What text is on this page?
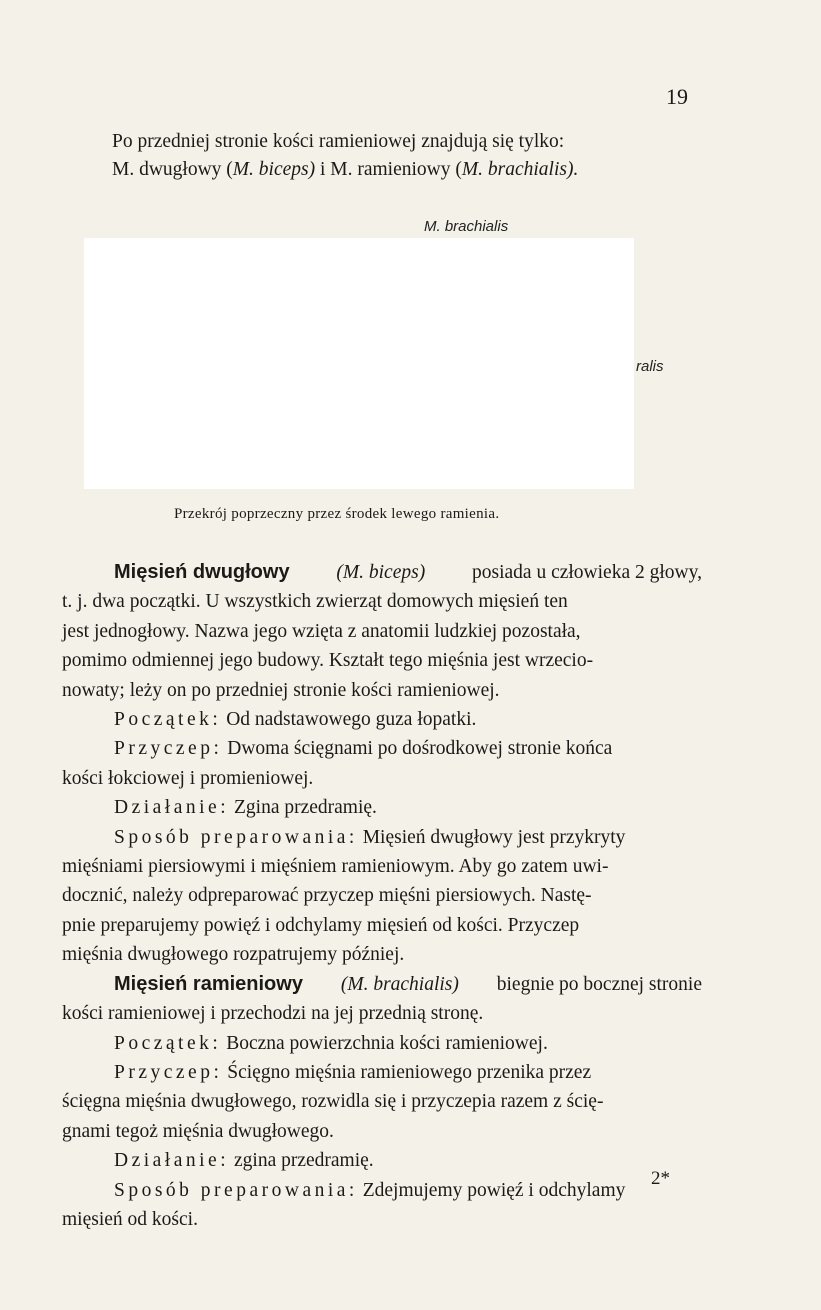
19
Po przedniej stronie kości ramieniowej znajdują się tylko:
M. dwugłowy (M. biceps) i M. ramieniowy (M. brachialis).
M. brachialis
ralis
Przekrój poprzeczny przez środek lewego ramienia.
Mięsień dwugłowy (M. biceps) posiada u człowieka 2 głowy,
t. j. dwa początki. U wszystkich zwierząt domowych mięsień ten
jest jednogłowy. Nazwa jego wzięta z anatomii ludzkiej pozostała,
pomimo odmiennej jego budowy. Kształt tego mięśnia jest wrzecio-
nowaty; leży on po przedniej stronie kości ramieniowej.
Początek:
Od nadstawowego guza łopatki.
Przyczep:
Dwoma ścięgnami po dośrodkowej stronie końca
kości łokciowej i promieniowej.
Działanie:
Zgina przedramię.
Sposób preparowania:
Mięsień dwugłowy jest przykryty
mięśniami piersiowymi i mięśniem ramieniowym. Aby go zatem uwi-
docznić, należy odpreparować przyczep mięśni piersiowych. Nastę-
pnie preparujemy powięź i odchylamy mięsień od kości. Przyczep
mięśnia dwugłowego rozpatrujemy później.
Mięsień ramieniowy (M. brachialis) biegnie po bocznej stronie
kości ramieniowej i przechodzi na jej przednią stronę.
Początek:
Boczna powierzchnia kości ramieniowej.
Przyczep:
Ścięgno mięśnia ramieniowego przenika przez
ścięgna mięśnia dwugłowego, rozwidla się i przyczepia razem z ścię-
gnami tegoż mięśnia dwugłowego.
Działanie:
zgina przedramię.
Sposób preparowania:
Zdejmujemy powięź i odchylamy
mięsień od kości.
2*
